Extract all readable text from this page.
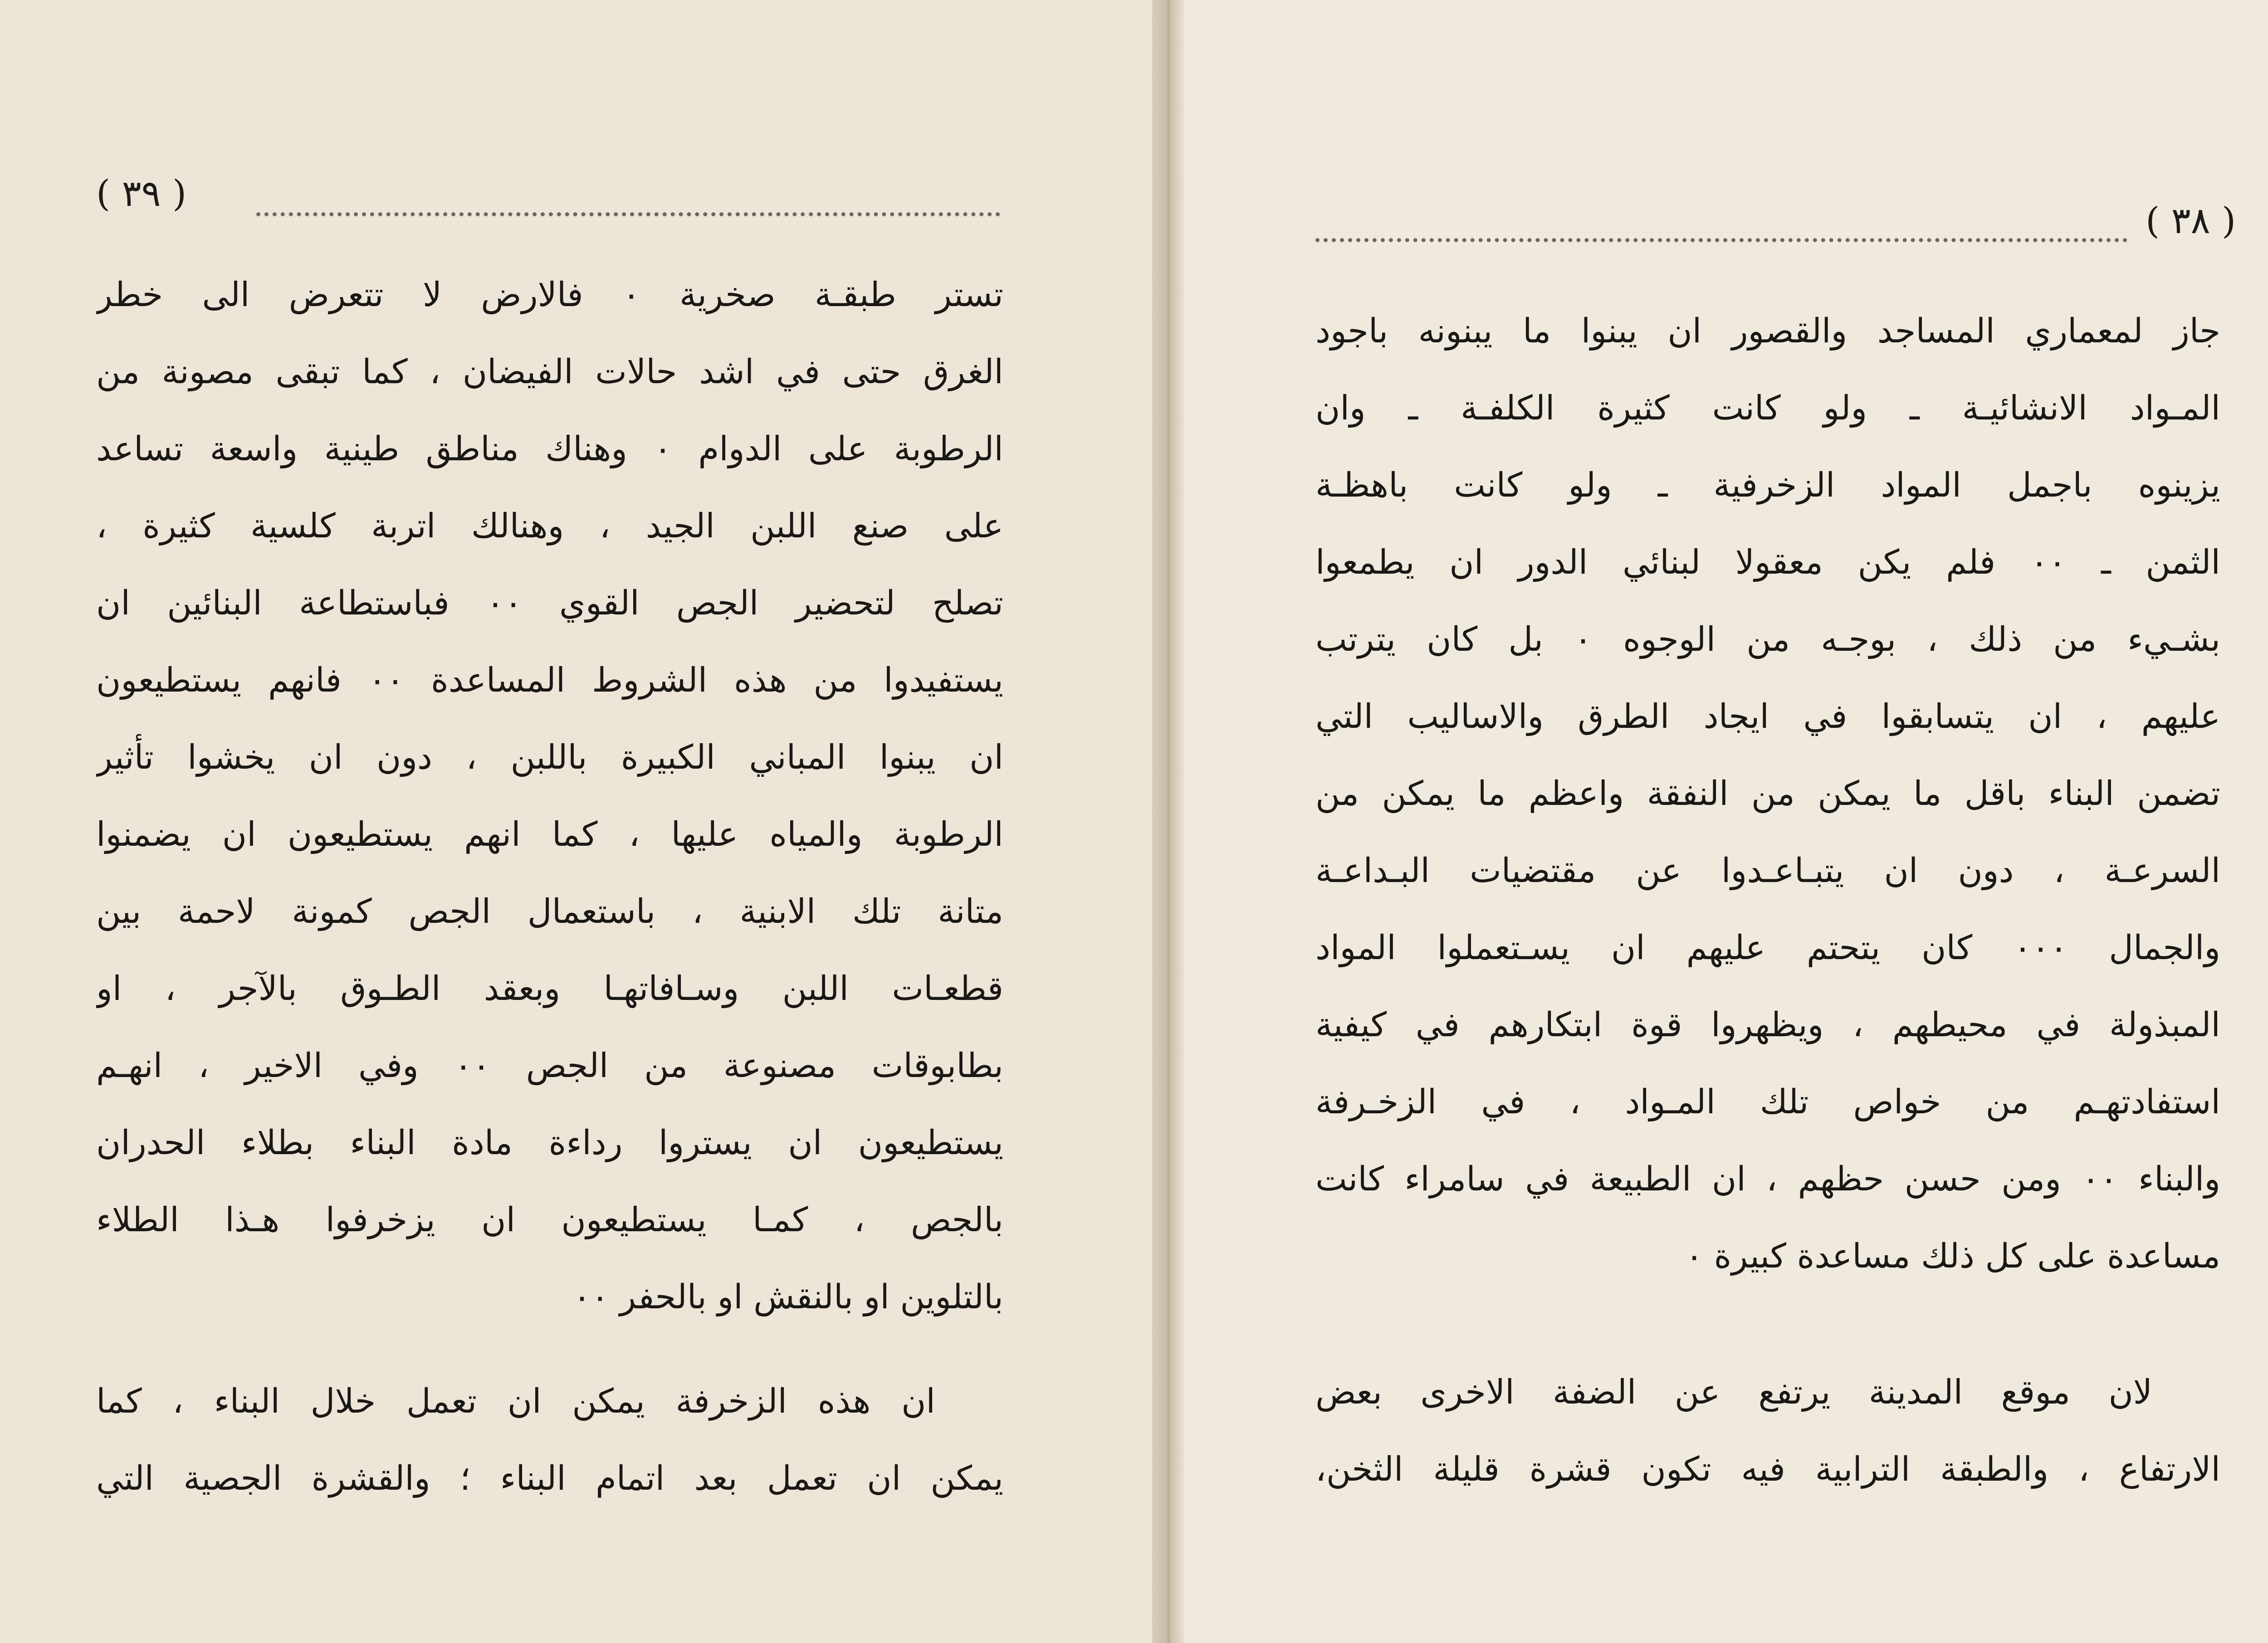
( ٣٩ )

تستر طبقـة صخرية ٠ فالارض لا تتعرض الى خطر
الغرق حتى في اشد حالات الفيضان ، كما تبقى مصونة من
الرطوبة على الدوام ٠ وهناك مناطق طينية واسعة تساعد
على صنع اللبن الجيد ، وهنالك اتربة كلسية كثيرة ،
تصلح لتحضير الجص القوي ٠٠ فباستطاعة البنائين ان
يستفيدوا من هذه الشروط المساعدة ٠٠ فانهم يستطيعون
ان يبنوا المباني الكبيرة باللبن ، دون ان يخشوا تأثير
الرطوبة والمياه عليها ، كما انهم يستطيعون ان يضمنوا
متانة تلك الابنية ، باستعمال الجص كمونة لاحمة بين
قطعـات اللبن وسـافاتهـا وبعقد الطـوق بالآجر ، او
بطابوقات مصنوعة من الجص ٠٠ وفي الاخير ، انهـم
يستطيعون ان يستروا رداءة مادة البناء بطلاء الحدران
بالجص ، كمـا يستطيعون ان يزخرفوا هـذا الطلاء
بالتلوين او بالنقش او بالحفر ٠٠

ان هذه الزخرفة يمكن ان تعمل خلال البناء ، كما
يمكن ان تعمل بعد اتمام البناء ؛ والقشرة الجصية التي

( ٣٨ )

جاز لمعماري المساجد والقصور ان يبنوا ما يبنونه باجود
المـواد الانشائيـة ـ ولو كانت كثيرة الكلفـة ـ وان
يزينوه باجمل المواد الزخرفية ـ ولو كانت باهظـة
الثمن ـ ٠٠ فلم يكن معقولا لبنائي الدور ان يطمعوا
بشـيء من ذلك ، بوجـه من الوجوه ٠ بل كان يترتب
عليهم ، ان يتسابقوا في ايجاد الطرق والاساليب التي
تضمن البناء باقل ما يمكن من النفقة واعظم ما يمكن من
السرعـة ، دون ان يتبـاعـدوا عن مقتضيات البـداعـة
والجمال ٠٠٠ كان يتحتم عليهم ان يسـتعملوا المواد
المبذولة في محيطهم ، ويظهروا قوة ابتكارهم في كيفية
استفادتهـم من خواص تلك المـواد ، في الزخـرفة
والبناء ٠٠ ومن حسن حظهم ، ان الطبيعة في سامراء كانت
مساعدة على كل ذلك مساعدة كبيرة ٠

لان موقع المدينة يرتفع عن الضفة الاخرى بعض
الارتفاع ، والطبقة الترابية فيه تكون قشرة قليلة الثخن،
